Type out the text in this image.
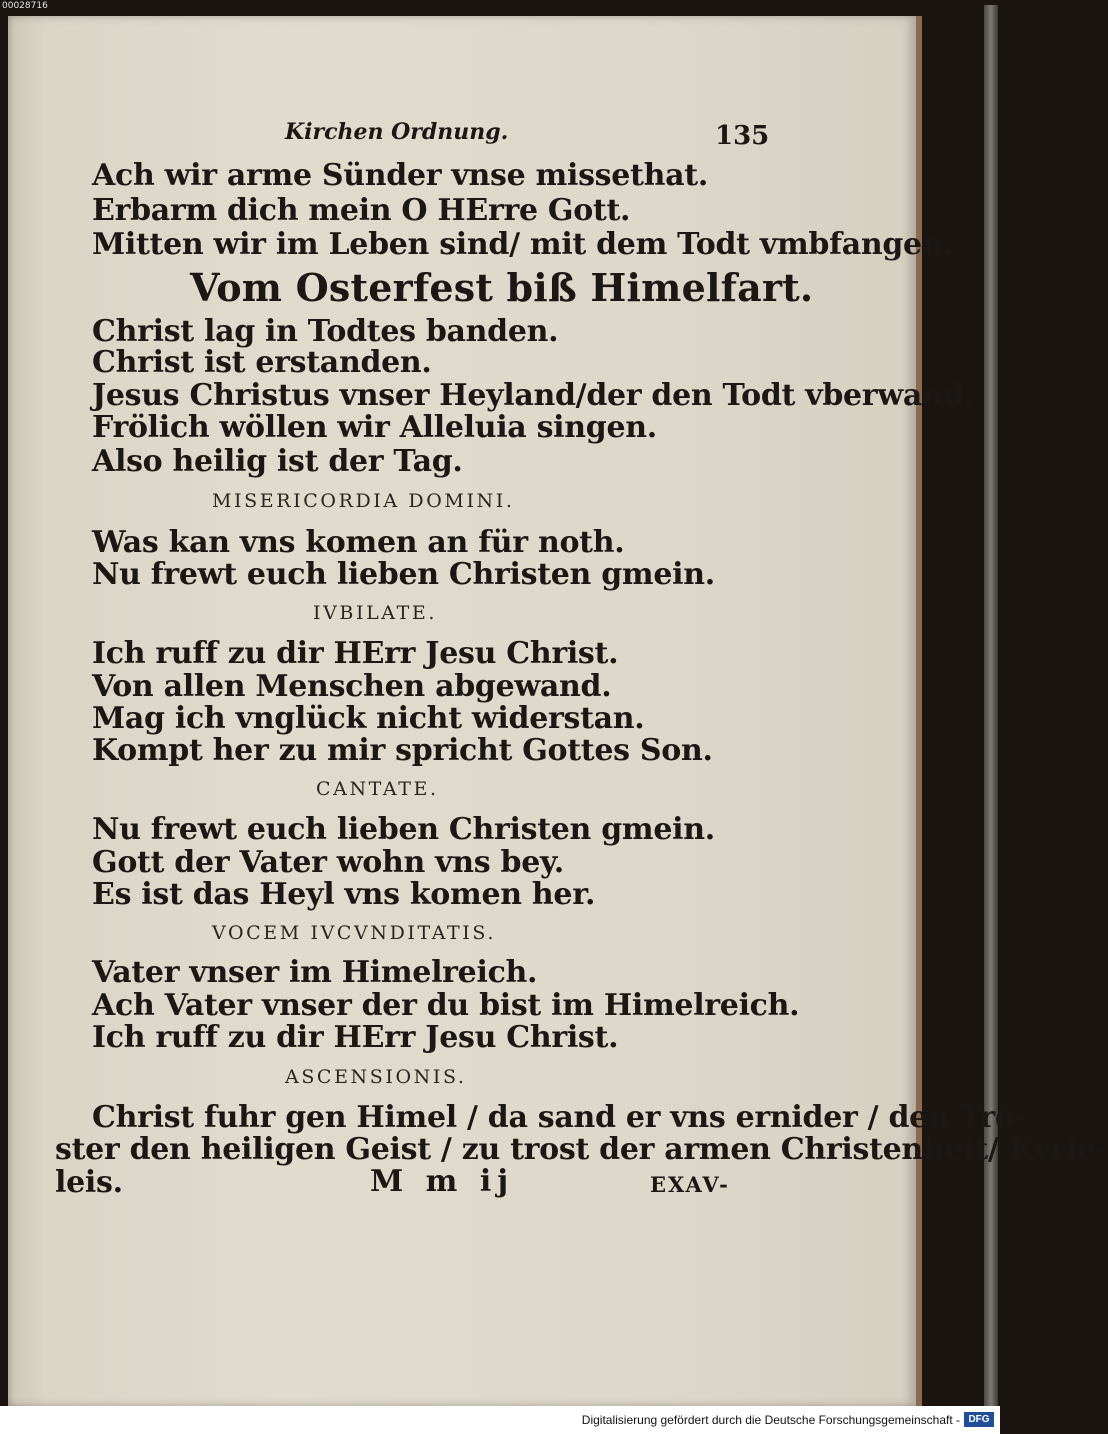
00028716
Kirchen Ordnung.	135
Ach wir arme Sünder vnse missethat.
Erbarm dich mein O HErre Gott.
Mitten wir im Leben sind/ mit dem Todt vmbfangen.
Vom Osterfest biß Himelfart.
Christ lag in Todtes banden.
Christ ist erstanden.
Jesus Christus vnser Heyland/der den Todt vberwand.
Frölich wöllen wir Alleluia singen.
Also heilig ist der Tag.
MISERICORDIA DOMINI.
Was kan vns komen an für noth.
Nu frewt euch lieben Christen gmein.
IVBILATE.
Ich ruff zu dir HErr Jesu Christ.
Von allen Menschen abgewand.
Mag ich vnglück nicht widerstan.
Kompt her zu mir spricht Gottes Son.
CANTATE.
Nu frewt euch lieben Christen gmein.
Gott der Vater wohn vns bey.
Es ist das Heyl vns komen her.
VOCEM IVCVNDITATIS.
Vater vnser im Himelreich.
Ach Vater vnser der du bist im Himelreich.
Ich ruff zu dir HErr Jesu Christ.
ASCENSIONIS.
Christ fuhr gen Himel / da sand er vns ernider / den Trö-
ster den heiligen Geist / zu trost der armen Christenheit/ Kyrie-
leis.	M m ij	EXAV-
Digitalisierung gefördert durch die Deutsche Forschungsgemeinschaft - DFG
